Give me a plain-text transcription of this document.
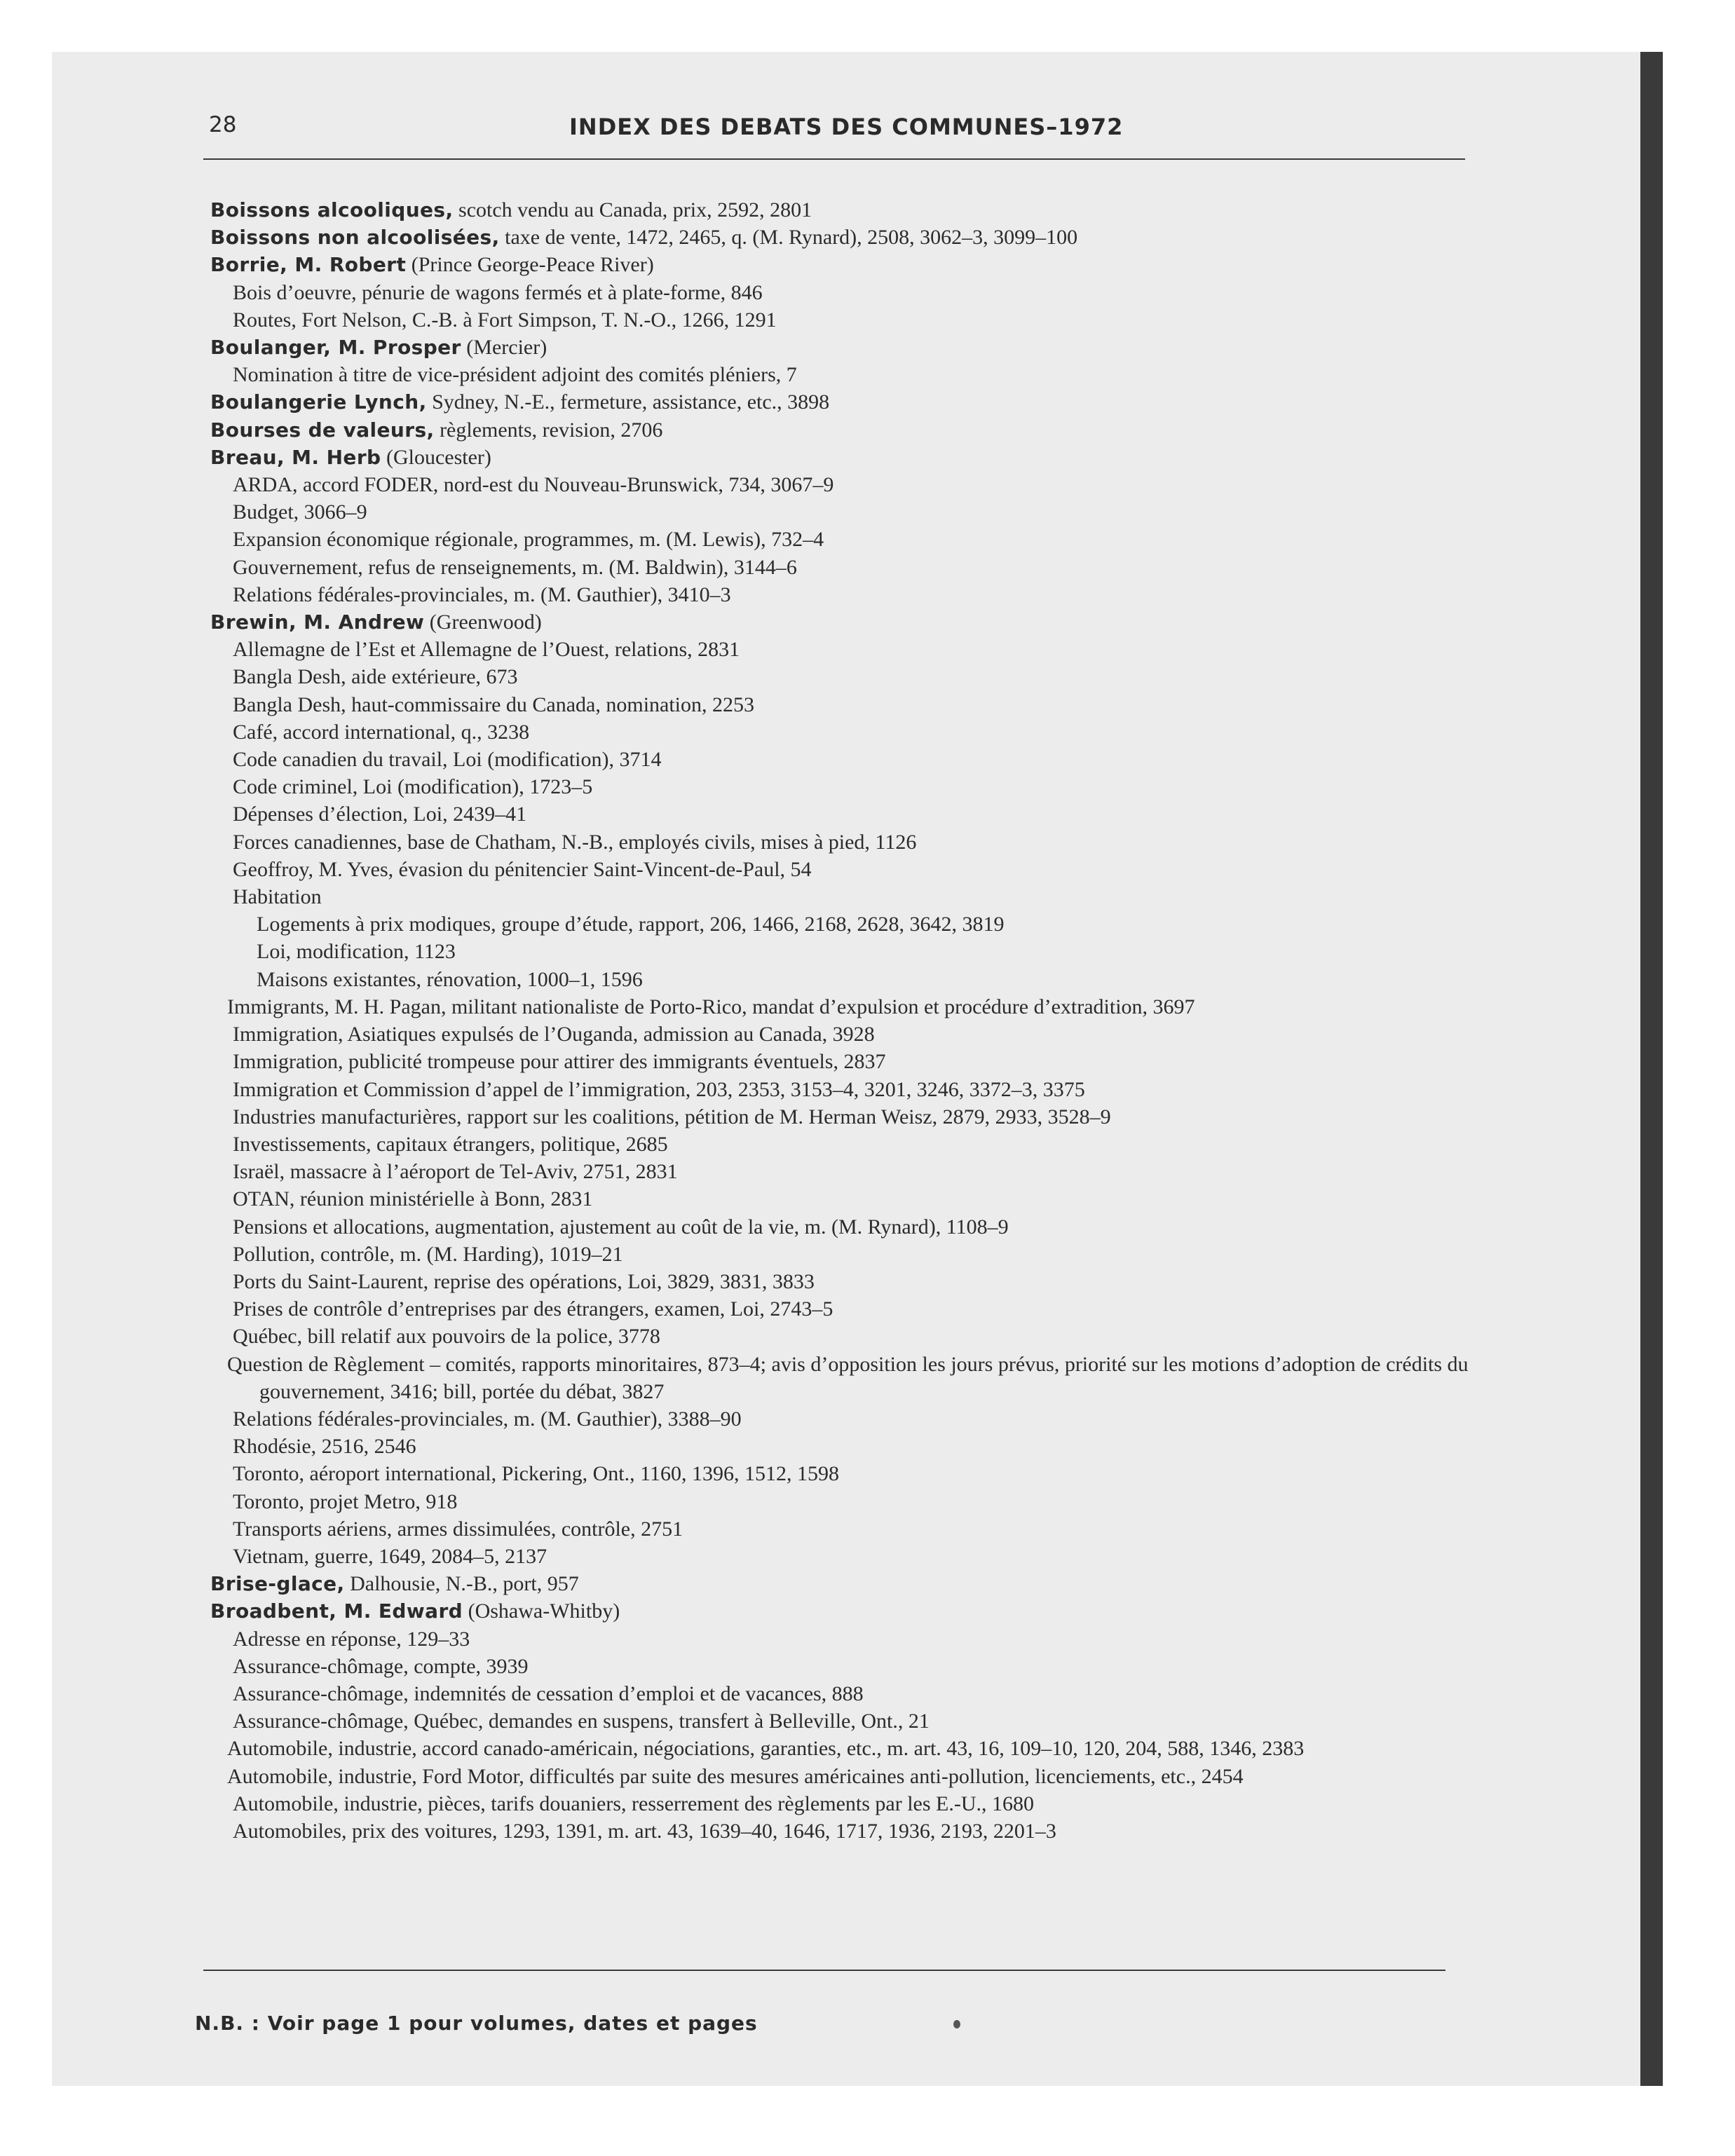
28	INDEX DES DEBATS DES COMMUNES–1972
Boissons alcooliques, scotch vendu au Canada, prix, 2592, 2801
Boissons non alcoolisées, taxe de vente, 1472, 2465, q. (M. Rynard), 2508, 3062–3, 3099–100
Borrie, M. Robert (Prince George-Peace River)
Bois d’oeuvre, pénurie de wagons fermés et à plate-forme, 846
Routes, Fort Nelson, C.-B. à Fort Simpson, T. N.-O., 1266, 1291
Boulanger, M. Prosper (Mercier)
Nomination à titre de vice-président adjoint des comités pléniers, 7
Boulangerie Lynch, Sydney, N.-E., fermeture, assistance, etc., 3898
Bourses de valeurs, règlements, revision, 2706
Breau, M. Herb (Gloucester)
ARDA, accord FODER, nord-est du Nouveau-Brunswick, 734, 3067–9
Budget, 3066–9
Expansion économique régionale, programmes, m. (M. Lewis), 732–4
Gouvernement, refus de renseignements, m. (M. Baldwin), 3144–6
Relations fédérales-provinciales, m. (M. Gauthier), 3410–3
Brewin, M. Andrew (Greenwood)
Allemagne de l’Est et Allemagne de l’Ouest, relations, 2831
Bangla Desh, aide extérieure, 673
Bangla Desh, haut-commissaire du Canada, nomination, 2253
Café, accord international, q., 3238
Code canadien du travail, Loi (modification), 3714
Code criminel, Loi (modification), 1723–5
Dépenses d’élection, Loi, 2439–41
Forces canadiennes, base de Chatham, N.-B., employés civils, mises à pied, 1126
Geoffroy, M. Yves, évasion du pénitencier Saint-Vincent-de-Paul, 54
Habitation
Logements à prix modiques, groupe d’étude, rapport, 206, 1466, 2168, 2628, 3642, 3819
Loi, modification, 1123
Maisons existantes, rénovation, 1000–1, 1596
Immigrants, M. H. Pagan, militant nationaliste de Porto-Rico, mandat d’expulsion et procédure d’extradition, 3697
Immigration, Asiatiques expulsés de l’Ouganda, admission au Canada, 3928
Immigration, publicité trompeuse pour attirer des immigrants éventuels, 2837
Immigration et Commission d’appel de l’immigration, 203, 2353, 3153–4, 3201, 3246, 3372–3, 3375
Industries manufacturières, rapport sur les coalitions, pétition de M. Herman Weisz, 2879, 2933, 3528–9
Investissements, capitaux étrangers, politique, 2685
Israël, massacre à l’aéroport de Tel-Aviv, 2751, 2831
OTAN, réunion ministérielle à Bonn, 2831
Pensions et allocations, augmentation, ajustement au coût de la vie, m. (M. Rynard), 1108–9
Pollution, contrôle, m. (M. Harding), 1019–21
Ports du Saint-Laurent, reprise des opérations, Loi, 3829, 3831, 3833
Prises de contrôle d’entreprises par des étrangers, examen, Loi, 2743–5
Québec, bill relatif aux pouvoirs de la police, 3778
Question de Règlement – comités, rapports minoritaires, 873–4; avis d’opposition les jours prévus, priorité sur les motions d’adoption de crédits du gouvernement, 3416; bill, portée du débat, 3827
Relations fédérales-provinciales, m. (M. Gauthier), 3388–90
Rhodésie, 2516, 2546
Toronto, aéroport international, Pickering, Ont., 1160, 1396, 1512, 1598
Toronto, projet Metro, 918
Transports aériens, armes dissimulées, contrôle, 2751
Vietnam, guerre, 1649, 2084–5, 2137
Brise-glace, Dalhousie, N.-B., port, 957
Broadbent, M. Edward (Oshawa-Whitby)
Adresse en réponse, 129–33
Assurance-chômage, compte, 3939
Assurance-chômage, indemnités de cessation d’emploi et de vacances, 888
Assurance-chômage, Québec, demandes en suspens, transfert à Belleville, Ont., 21
Automobile, industrie, accord canado-américain, négociations, garanties, etc., m. art. 43, 16, 109–10, 120, 204, 588, 1346, 2383
Automobile, industrie, Ford Motor, difficultés par suite des mesures américaines anti-pollution, licenciements, etc., 2454
Automobile, industrie, pièces, tarifs douaniers, resserrement des règlements par les E.-U., 1680
Automobiles, prix des voitures, 1293, 1391, m. art. 43, 1639–40, 1646, 1717, 1936, 2193, 2201–3
N.B. : Voir page 1 pour volumes, dates et pages
